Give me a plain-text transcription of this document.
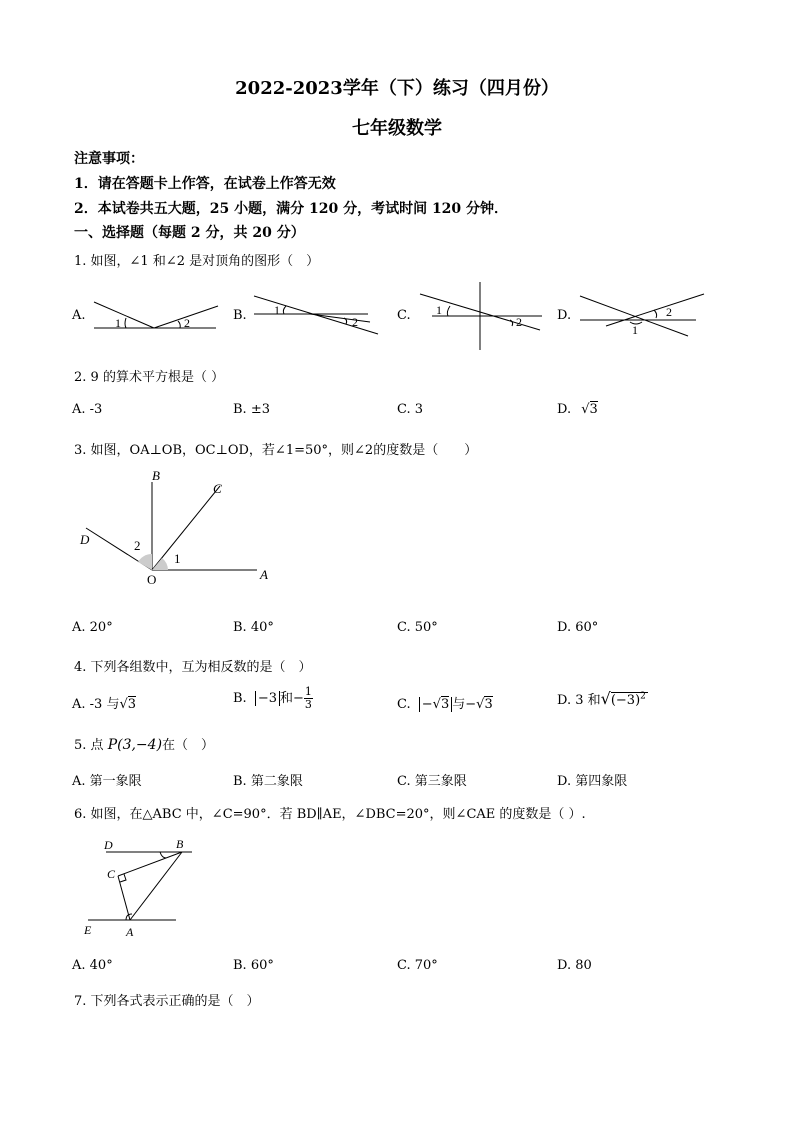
2022-2023学年（下）练习（四月份）
七年级数学
注意事项：
1．请在答题卡上作答，在试卷上作答无效
2．本试卷共五大题，25 小题，满分 120 分，考试时间 120 分钟．
一、选择题（每题 2 分，共 20 分）
1. 如图，∠1 和∠2 是对顶角的图形（　）
A. 1	2	B. 1
2	C. 1
2	D.
1
2
2. 9 的算术平方根是（ ）
A. -3	B. ±3	C. 3	D. √3
3. 如图，OA⊥OB，OC⊥OD，若∠1=50°，则∠2的度数是（　　）
B
C
D
O	A
2
1
A. 20°	B. 40°	C. 50°	D. 60°
4. 下列各组数中，互为相反数的是（　）
A. -3 与√3	B. −3 和− $\frac{1}{3}$	C. −√3 与−√3	D. 3 和$√(-3)^2$
5. 点 P(3,−4)在（　）
A. 第一象限	B. 第二象限	C. 第三象限	D. 第四象限
6. 如图，在△ABC 中，∠C=90°．若 BD∥AE，∠DBC=20°，则∠CAE 的度数是（ ）.
D	B
C
E	A
A. 40°	B. 60°	C. 70°	D. 80
7. 下列各式表示正确的是（　）
